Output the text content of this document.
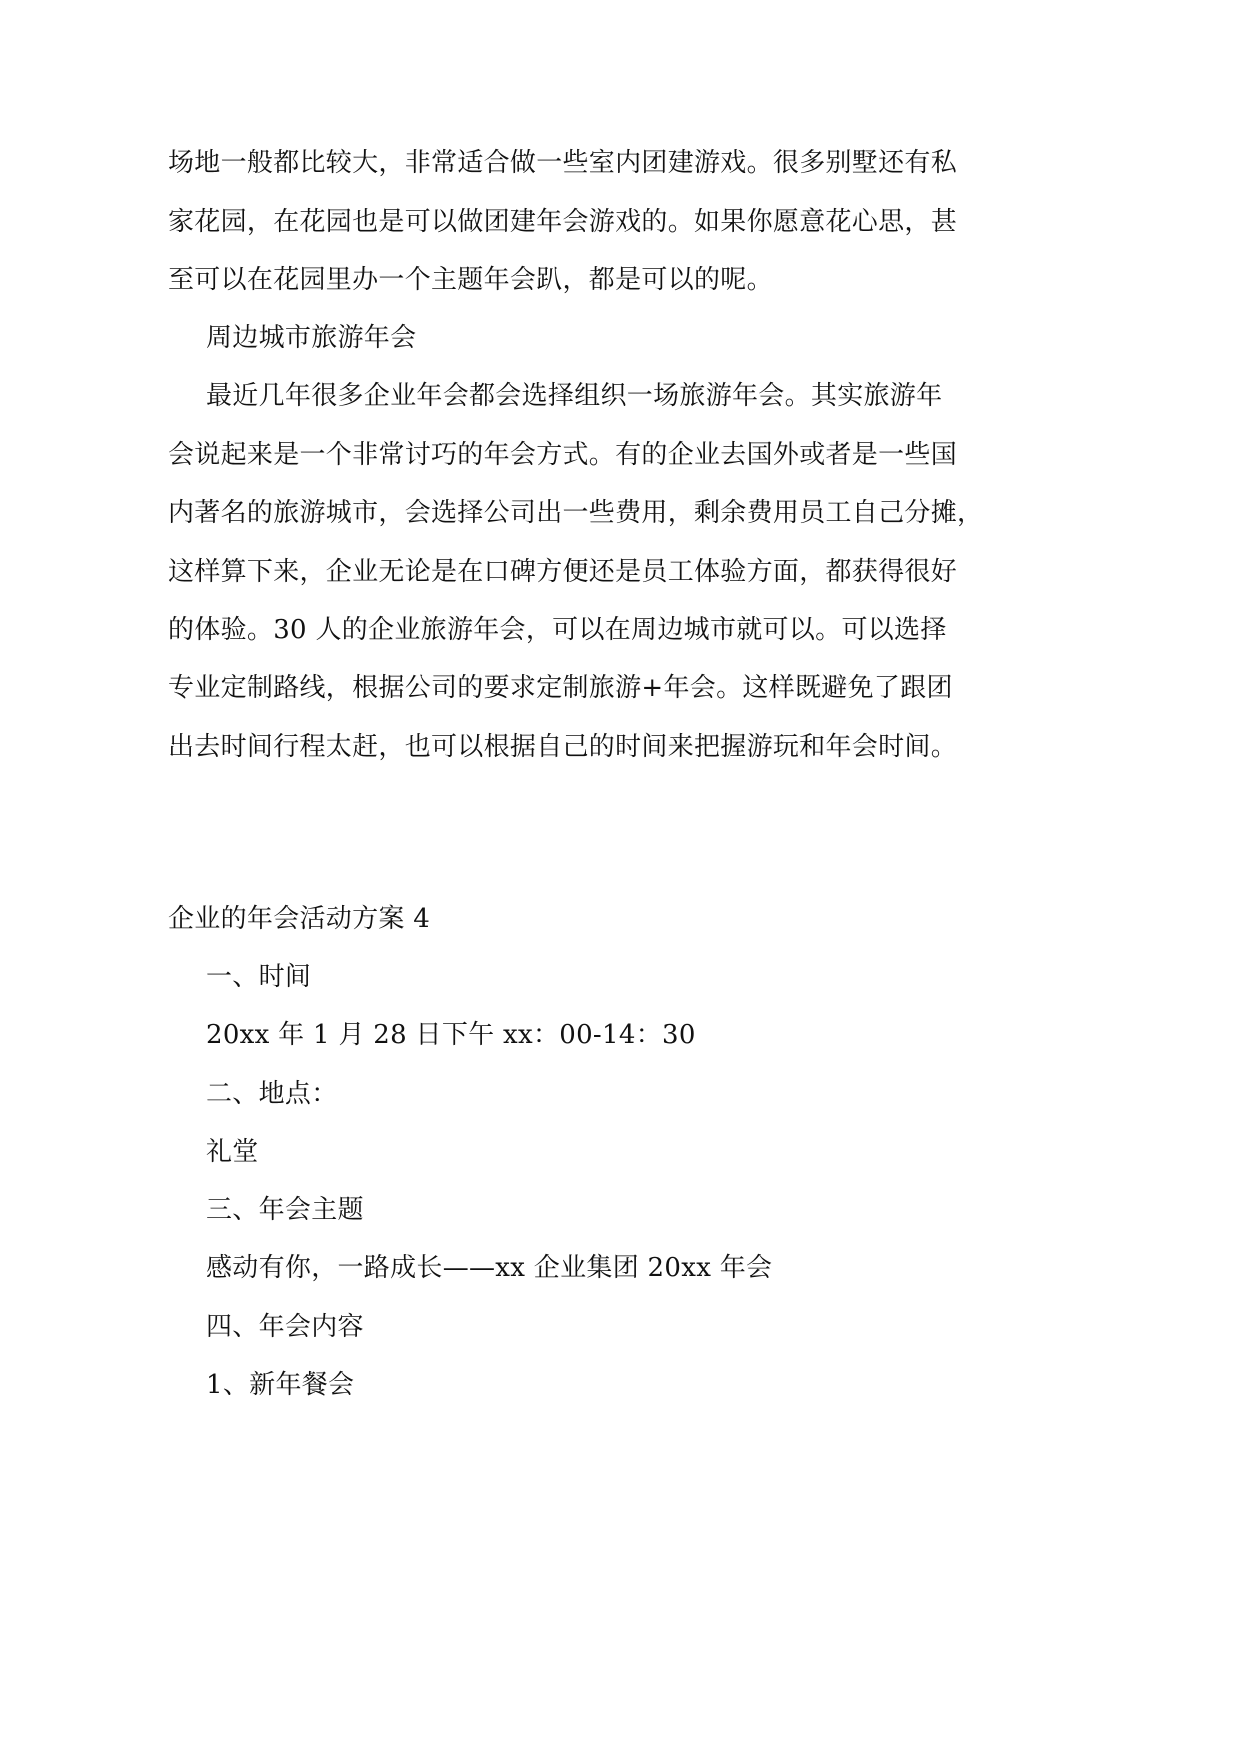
场地一般都比较大，非常适合做一些室内团建游戏。很多别墅还有私
家花园，在花园也是可以做团建年会游戏的。如果你愿意花心思，甚
至可以在花园里办一个主题年会趴，都是可以的呢。
周边城市旅游年会
最近几年很多企业年会都会选择组织一场旅游年会。其实旅游年
会说起来是一个非常讨巧的年会方式。有的企业去国外或者是一些国
内著名的旅游城市，会选择公司出一些费用，剩余费用员工自己分摊，
这样算下来，企业无论是在口碑方便还是员工体验方面，都获得很好
的体验。30 人的企业旅游年会，可以在周边城市就可以。可以选择
专业定制路线，根据公司的要求定制旅游+年会。这样既避免了跟团
出去时间行程太赶，也可以根据自己的时间来把握游玩和年会时间。
企业的年会活动方案 4
一、时间
20xx 年 1 月 28 日下午 xx：00-14：30
二、地点：
礼堂
三、年会主题
感动有你，一路成长——xx 企业集团 20xx 年会
四、年会内容
1、新年餐会
